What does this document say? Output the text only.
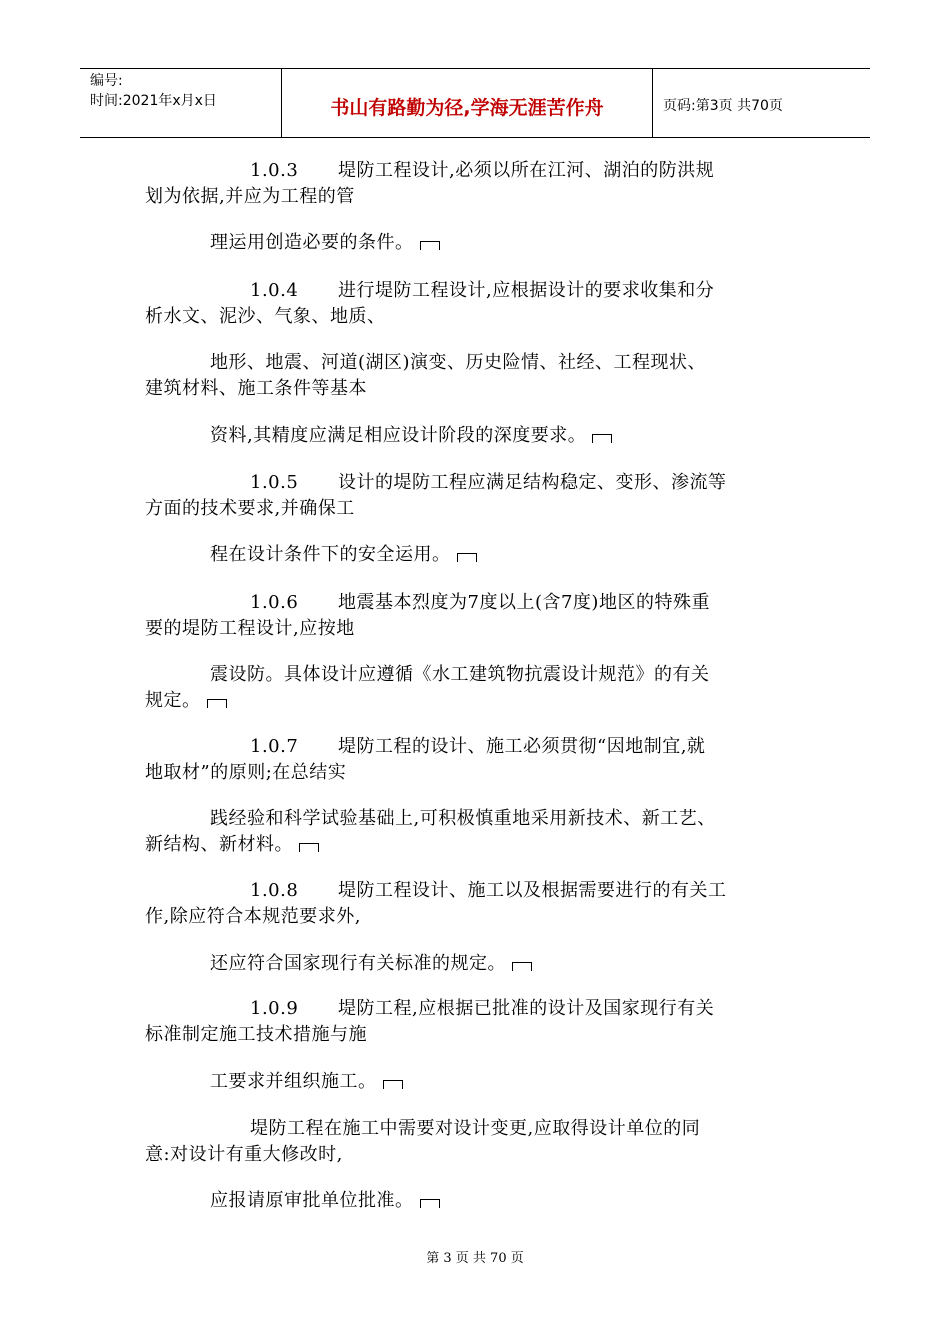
编号:
时间:2021年x月x日	书山有路勤为径,学海无涯苦作舟	页码:第3页 共70页
1.0.3 堤防工程设计,必须以所在江河、湖泊的防洪规
划为依据,并应为工程的管
理运用创造必要的条件。
1.0.4 进行堤防工程设计,应根据设计的要求收集和分
析水文、泥沙、气象、地质、
地形、地震、河道(湖区)演变、历史险情、社经、工程现状、
建筑材料、施工条件等基本
资料,其精度应满足相应设计阶段的深度要求。
1.0.5 设计的堤防工程应满足结构稳定、变形、渗流等
方面的技术要求,并确保工
程在设计条件下的安全运用。
1.0.6 地震基本烈度为7度以上(含7度)地区的特殊重
要的堤防工程设计,应按地
震设防。具体设计应遵循《水工建筑物抗震设计规范》的有关
规定。
1.0.7 堤防工程的设计、施工必须贯彻“因地制宜,就
地取材”的原则;在总结实
践经验和科学试验基础上,可积极慎重地采用新技术、新工艺、
新结构、新材料。
1.0.8 堤防工程设计、施工以及根据需要进行的有关工
作,除应符合本规范要求外,
还应符合国家现行有关标准的规定。
1.0.9 堤防工程,应根据已批准的设计及国家现行有关
标准制定施工技术措施与施
工要求并组织施工。
堤防工程在施工中需要对设计变更,应取得设计单位的同
意:对设计有重大修改时,
应报请原审批单位批准。
第 3 页 共 70 页
